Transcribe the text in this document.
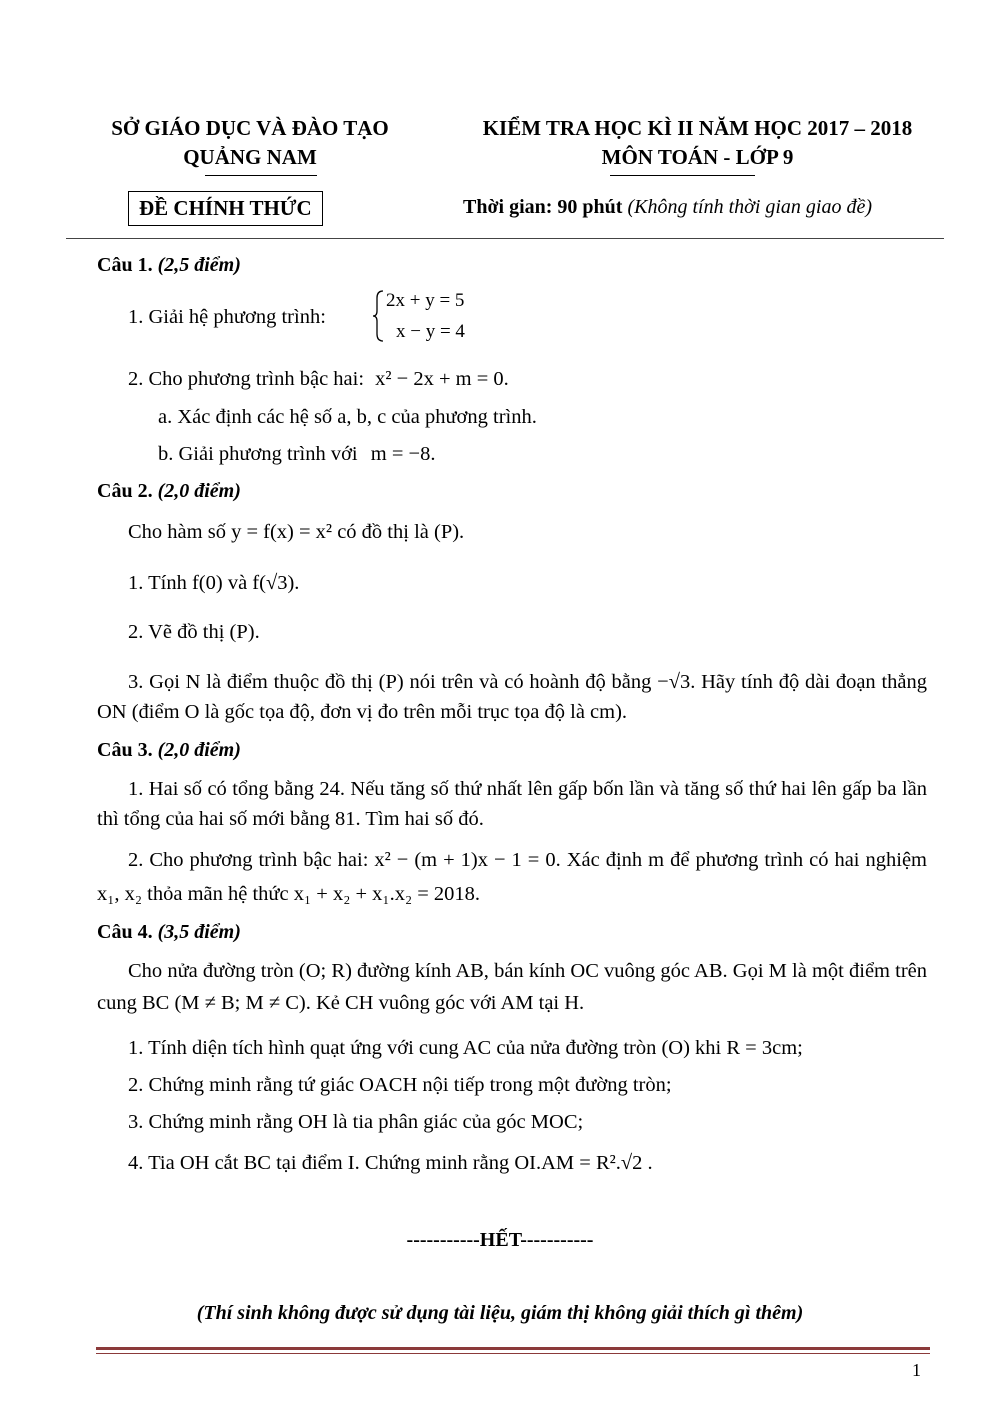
SỞ GIÁO DỤC VÀ ĐÀO TẠO
QUẢNG NAM
KIỂM TRA HỌC KÌ II NĂM HỌC 2017 – 2018
MÔN TOÁN - LỚP 9
ĐỀ CHÍNH THỨC	Thời gian: 90 phút (Không tính thời gian giao đề)
Câu 1. (2,5 điểm)
1. Giải hệ phương trình:
2x + y = 5
x − y = 4
2. Cho phương trình bậc hai: x² − 2x + m = 0.
a. Xác định các hệ số a, b, c của phương trình.
b. Giải phương trình với m = −8.
Câu 2. (2,0 điểm)
Cho hàm số y = f(x) = x² có đồ thị là (P).
1. Tính f(0) và f(√3).
2. Vẽ đồ thị (P).
3. Gọi N là điểm thuộc đồ thị (P) nói trên và có hoành độ bằng −√3. Hãy tính độ dài đoạn thẳng ON (điểm O là gốc tọa độ, đơn vị đo trên mỗi trục tọa độ là cm).
Câu 3. (2,0 điểm)
1. Hai số có tổng bằng 24. Nếu tăng số thứ nhất lên gấp bốn lần và tăng số thứ hai lên gấp ba lần thì tổng của hai số mới bằng 81. Tìm hai số đó.
2. Cho phương trình bậc hai: x² − (m + 1)x − 1 = 0. Xác định m để phương trình có hai nghiệm x₁, x₂ thỏa mãn hệ thức x₁ + x₂ + x₁.x₂ = 2018.
Câu 4. (3,5 điểm)
Cho nửa đường tròn (O; R) đường kính AB, bán kính OC vuông góc AB. Gọi M là một điểm trên cung BC (M ≠ B; M ≠ C). Kẻ CH vuông góc với AM tại H.
1. Tính diện tích hình quạt ứng với cung AC của nửa đường tròn (O) khi R = 3cm;
2. Chứng minh rằng tứ giác OACH nội tiếp trong một đường tròn;
3. Chứng minh rằng OH là tia phân giác của góc MOC;
4. Tia OH cắt BC tại điểm I. Chứng minh rằng OI.AM = R².√2 .
-----------HẾT-----------
(Thí sinh không được sử dụng tài liệu, giám thị không giải thích gì thêm)
1
